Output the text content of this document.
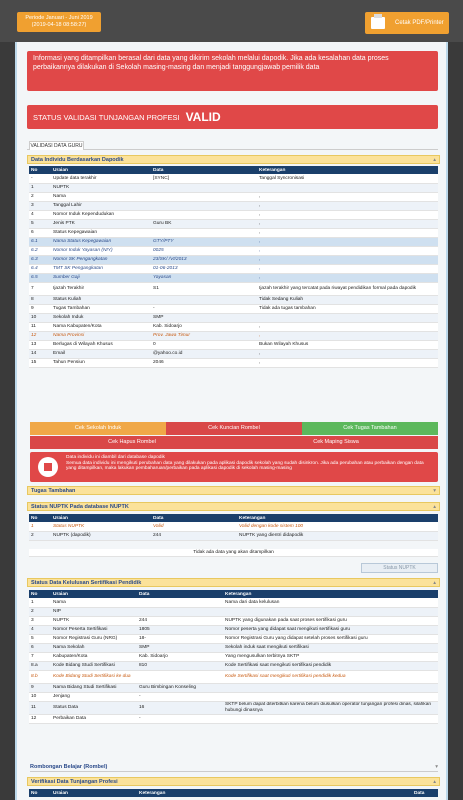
Periode Januari - Juni 2019
(2019-04-18 08:58:27)	Cetak PDF/Printer
Informasi yang ditampilkan berasal dari data yang dikirim sekolah melalui dapodik. Jika ada kesalahan data proses perbaikannya dilakukan di Sekolah masing-masing dan menjadi tanggungjawab pemilik data
STATUS VALIDASI TUNJANGAN PROFESI VALID
VALIDASI DATA GURU
Data Individu Berdasarkan Dapodik	▴
No	Uraian	Data	Keterangan
-	Update data terakhir	[SYNC]	Tanggal Syncronisasi
1	NUPTK		
2	Nama		,
3	Tanggal Lahir		,
4	Nomor Induk Kependudukan		,
5	Jenis PTK	Guru BK	,
6	Status Kepegawaian		,
6.1	Nama Status Kepegawaian	GTY/PTY	,
6.2	Nomor Induk Yayasan (NIY)	0025	,
6.3	Nomor SK Pengangkatan	23/SK/ /VI/2013	,
6.4	TMT SK Pengangkatan	01-06-2013	,
6.5	Sumber Gaji	Yayasan	,
7	Ijazah Terakhir	S1	Ijazah terakhir yang tercatat pada riwayat pendidikan formal pada dapodik
8	Status Kuliah		Tidak Sedang Kuliah
9	Tugas Tambahan	-	Tidak ada tugas tambahan
10	Sekolah Induk	SMP	
11	Nama Kabupaten/Kota	Kab. Sidoarjo	,
12	Nama Provinsi	Prov. Jawa Timur	,
13	Berlugas di Wilayah Khusus	0	Bukan Wilayah Khusus
14	Email	@yahoo.co.id	,
15	Tahun Pensiun	2046	,
Cek Sekolah Induk	Cek Kuncian Rombel	Cek Tugas Tambahan
Cek Hapus Rombel	Cek Maping Siswa
Data individu ini diambil dari database dapodik
Semua data individu ini mengikuti perubahan data yang dilakukan pada aplikasi dapodik sekolah yang sudah disinkron. Jika ada perubahan atau perbaikan dengan data yang ditampilkan, maka lakukan pembaharuan/perbaikan pada aplikasi dapodik di sekolah masing-masing
Tugas Tambahan	▾
Status NUPTK Pada database NUPTK	▴
No	Uraian	Data	Keterangan
1	Status NUPTK	Valid	Valid dengan kode sistem 100
2	NUPTK (dapodik)	244	NUPTK yang dientri didapodik
Tidak ada data yang akan ditampilkan
Status NUPTK
Status Data Kelulusan Sertifikasi Pendidik	▴
No	Uraian	Data	Keterangan
1	Nama		Nama dari data kelulusan
2	NIP		
3	NUPTK	244	NUPTK yang digunakan pada saat proses sertifikasi guru
4	Nomor Peserta Sertifikasi	1805	Nomor peserta yang didapat saat mengikuti sertifikasi guru
5	Nomor Registrasi Guru (NRG)	18-	Nomor Registrasi Guru yang didapat setelah proses sertifikasi guru
6	Nama Sekolah	SMP	Sekolah induk saat mengikuti sertifikasi
7	Kabupaten/Kota	Kab. Sidoarjo	Yang mengusulkan terbitnya SKTP
8.a	Kode Bidang Studi Sertifikasi	810	Kode Sertifikasi saat mengikuti sertifikasi pendidik
8.b	Kode Bidang Studi Sertifikasi ke dua		Kode Sertifikasi saat mengikuti sertifikasi pendidik kedua
9	Nama Bidang Studi Sertifikasi	Guru Bimbingan Konseling	
10	Jenjang	-	
11	Status Data	16	SKTP belum dapat diterbitkan karena belum diusulkan operator tunjangan profesi dinas, silahkan hubungi dinasnya
12	Perbaikan Data	-	
Rombongan Belajar (Rombel)	▾
Verifikasi Data Tunjangan Profesi	▴
No	Uraian	Keterangan	Data
